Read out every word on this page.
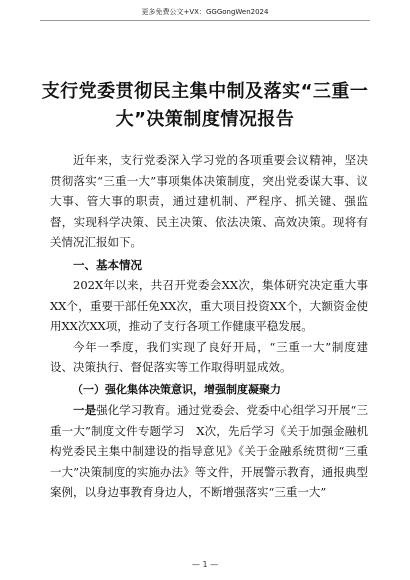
更多免费公文+VX：GGGongWen2024
支行党委贯彻民主集中制及落实“三重一
大”决策制度情况报告

近年来，支行党委深入学习党的各项重要会议精神，坚决贯彻落实“三重一大”事项集体决策制度，突出党委谋大事、议大事、管大事的职责，通过建机制、严程序、抓关键、强监督，实现科学决策、民主决策、依法决策、高效决策。现将有关情况汇报如下。

一、基本情况

202X年以来，共召开党委会XX次，集体研究决定重大事XX个，重要干部任免XX次，重大项目投资XX个，大额资金使用XX次XX项，推动了支行各项工作健康平稳发展。

今年一季度，我们实现了良好开局，“三重一大”制度建设、决策执行、督促落实等工作取得明显成效。

（一）强化集体决策意识，增强制度凝聚力

一是强化学习教育。通过党委会、党委中心组学习开展“三重一大”制度文件专题学习　X次，先后学习《关于加强金融机构党委民主集中制建设的指导意见》《关于金融系统贯彻“三重一大”决策制度的实施办法》等文件，开展警示教育，通报典型案例，以身边事教育身边人，不断增强落实“三重一大”

— 1 —
